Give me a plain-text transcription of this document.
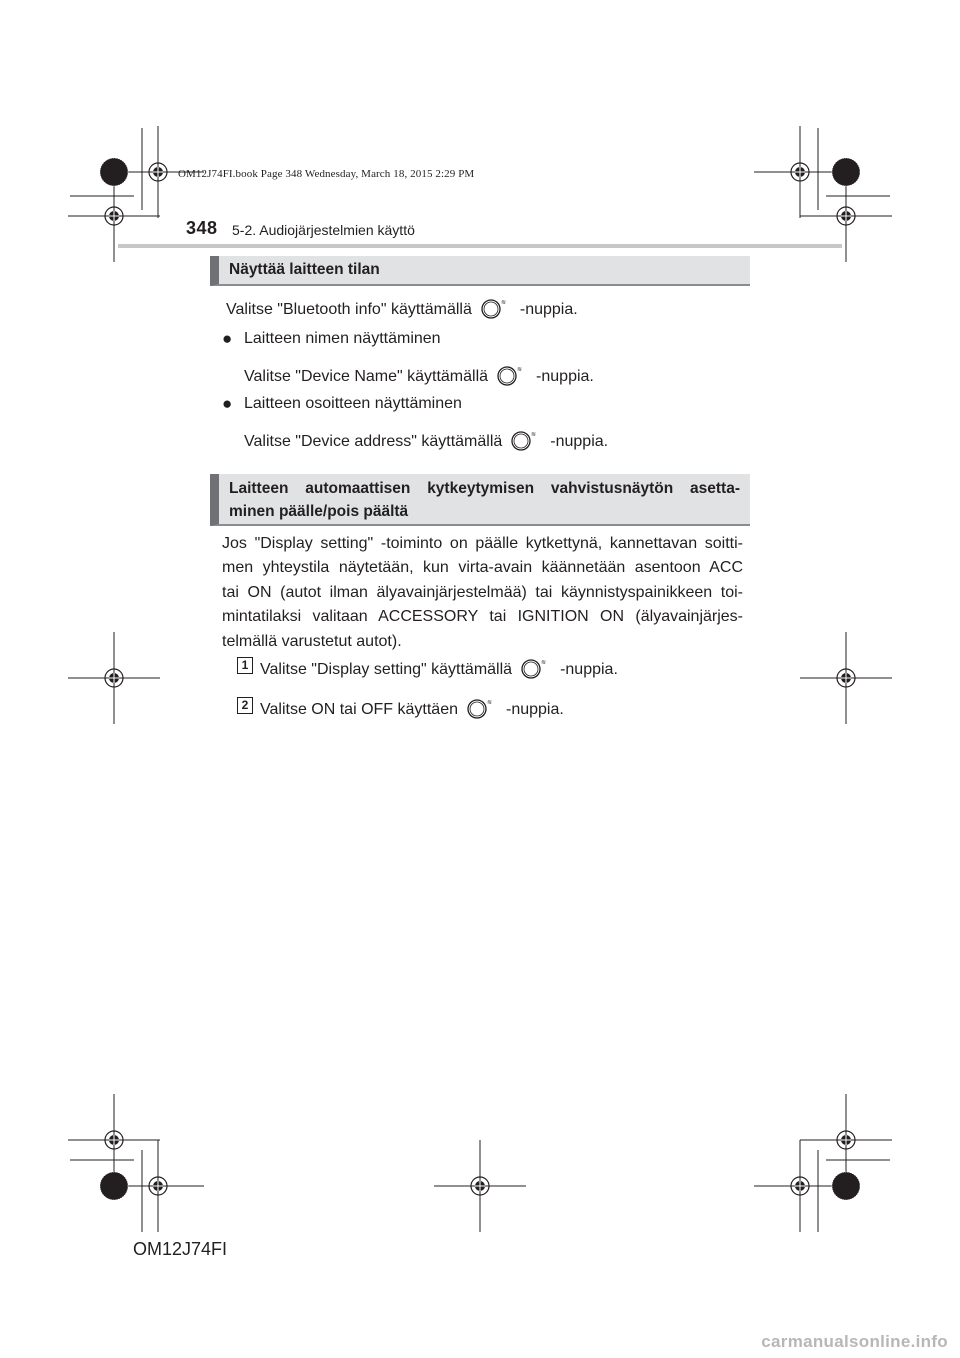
OM12J74FI.book Page 348 Wednesday, March 18, 2015 2:29 PM
348 5-2. Audiojärjestelmien käyttö
Näyttää laitteen tilan
Valitse "Bluetooth info" käyttämällä	≋ -nuppia.
● Laitteen nimen näyttäminen
Valitse "Device Name" käyttämällä	≋ -nuppia.
● Laitteen osoitteen näyttäminen
Valitse "Device address" käyttämällä	≋ -nuppia.
Laitteen automaattisen kytkeytymisen vahvistusnäytön asetta-
minen päälle/pois päältä
Jos "Display setting" -toiminto on päälle kytkettynä, kannettavan soitti-
men yhteystila näytetään, kun virta-avain käännetään asentoon ACC
tai ON (autot ilman älyavainjärjestelmää) tai käynnistyspainikkeen toi-
mintatilaksi valitaan ACCESSORY tai IGNITION ON (älyavainjärjes-
telmällä varustetut autot).
1 Valitse "Display setting" käyttämällä	≋ -nuppia.
2 Valitse ON tai OFF käyttäen	≋ -nuppia.
OM12J74FI
carmanualsonline.info
